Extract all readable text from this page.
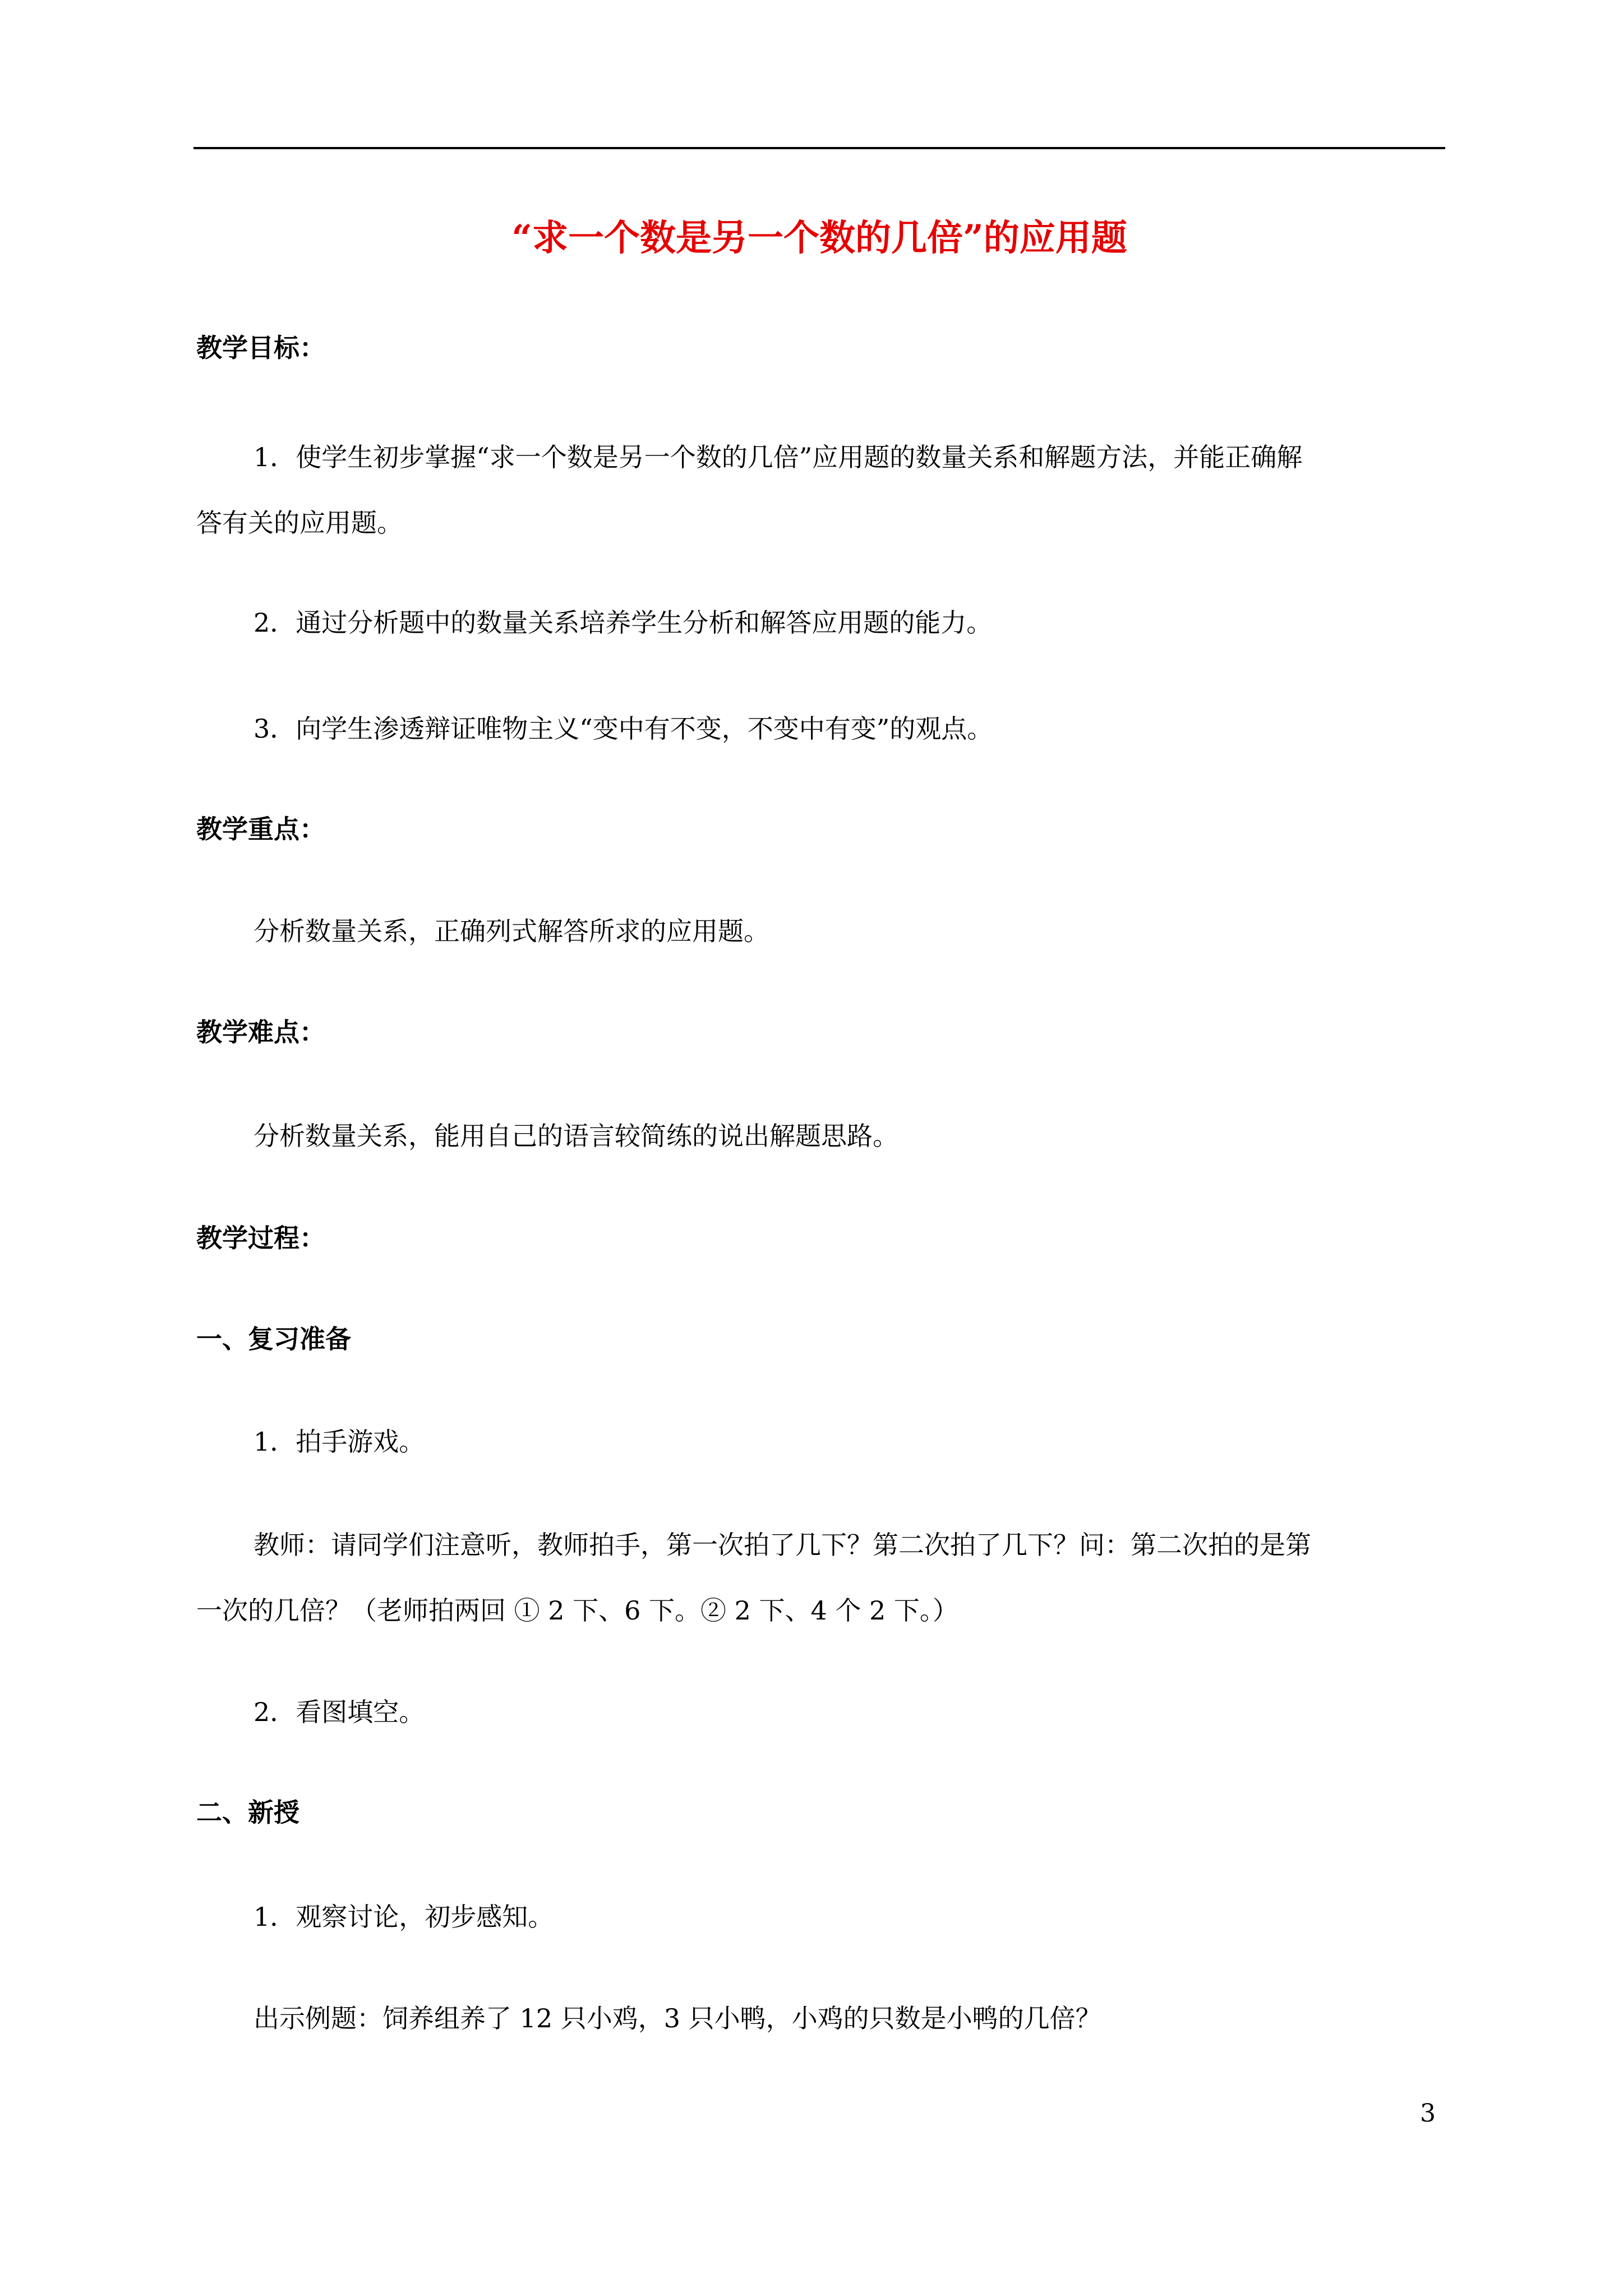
“求一个数是另一个数的几倍”的应用题
教学目标：
1．使学生初步掌握“求一个数是另一个数的几倍”应用题的数量关系和解题方法，并能正确解
答有关的应用题。
2．通过分析题中的数量关系培养学生分析和解答应用题的能力。
3．向学生渗透辩证唯物主义“变中有不变，不变中有变”的观点。
教学重点：
分析数量关系，正确列式解答所求的应用题。
教学难点：
分析数量关系，能用自己的语言较简练的说出解题思路。
教学过程：
一、复习准备
1．拍手游戏。
教师：请同学们注意听，教师拍手，第一次拍了几下？第二次拍了几下？问：第二次拍的是第
一次的几倍？（老师拍两回 ① 2 下、6 下。② 2 下、4 个 2 下。）
2．看图填空。
二、新授
1．观察讨论，初步感知。
出示例题：饲养组养了 12 只小鸡，3 只小鸭，小鸡的只数是小鸭的几倍？
3
